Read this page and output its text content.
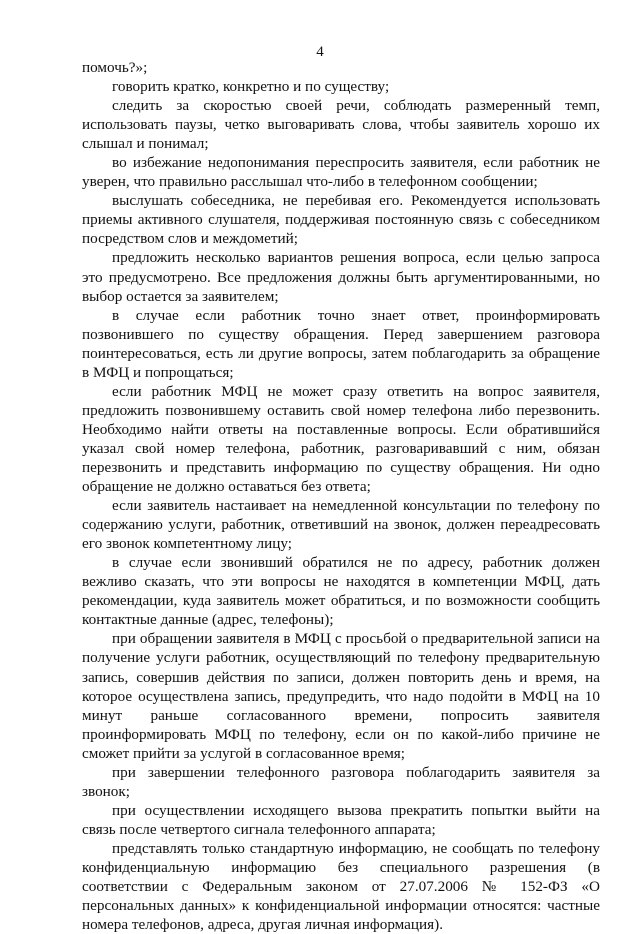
4

помочь?»;

говорить кратко, конкретно и по существу;

следить за скоростью своей речи, соблюдать размеренный темп, использовать паузы, четко выговаривать слова, чтобы заявитель хорошо их слышал и понимал;

во избежание недопонимания переспросить заявителя, если работник не уверен, что правильно расслышал что-либо в телефонном сообщении;

выслушать собеседника, не перебивая его. Рекомендуется использовать приемы активного слушателя, поддерживая постоянную связь с собеседником посредством слов и междометий;

предложить несколько вариантов решения вопроса, если целью запроса это предусмотрено. Все предложения должны быть аргументированными, но выбор остается за заявителем;

в случае если работник точно знает ответ, проинформировать позвонившего по существу обращения. Перед завершением разговора поинтересоваться, есть ли другие вопросы, затем поблагодарить за обращение в МФЦ и попрощаться;

если работник МФЦ не может сразу ответить на вопрос заявителя, предложить позвонившему оставить свой номер телефона либо перезвонить. Необходимо найти ответы на поставленные вопросы. Если обратившийся указал свой номер телефона, работник, разговаривавший с ним, обязан перезвонить и представить информацию по существу обращения. Ни одно обращение не должно оставаться без ответа;

если заявитель настаивает на немедленной консультации по телефону по содержанию услуги, работник, ответивший на звонок, должен переадресовать его звонок компетентному лицу;

в случае если звонивший обратился не по адресу, работник должен вежливо сказать, что эти вопросы не находятся в компетенции МФЦ, дать рекомендации, куда заявитель может обратиться, и по возможности сообщить контактные данные (адрес, телефоны);

при обращении заявителя в МФЦ с просьбой о предварительной записи на получение услуги работник, осуществляющий по телефону предварительную запись, совершив действия по записи, должен повторить день и время, на которое осуществлена запись, предупредить, что надо подойти в МФЦ на 10 минут раньше согласованного времени, попросить заявителя проинформировать МФЦ по телефону, если он по какой-либо причине не сможет прийти за услугой в согласованное время;

при завершении телефонного разговора поблагодарить заявителя за звонок;

при осуществлении исходящего вызова прекратить попытки выйти на связь после четвертого сигнала телефонного аппарата;

представлять только стандартную информацию, не сообщать по телефону конфиденциальную информацию без специального разрешения (в соответствии с Федеральным законом от 27.07.2006 № 152-ФЗ «О персональных данных» к конфиденциальной информации относятся: частные номера телефонов, адреса, другая личная информация).
